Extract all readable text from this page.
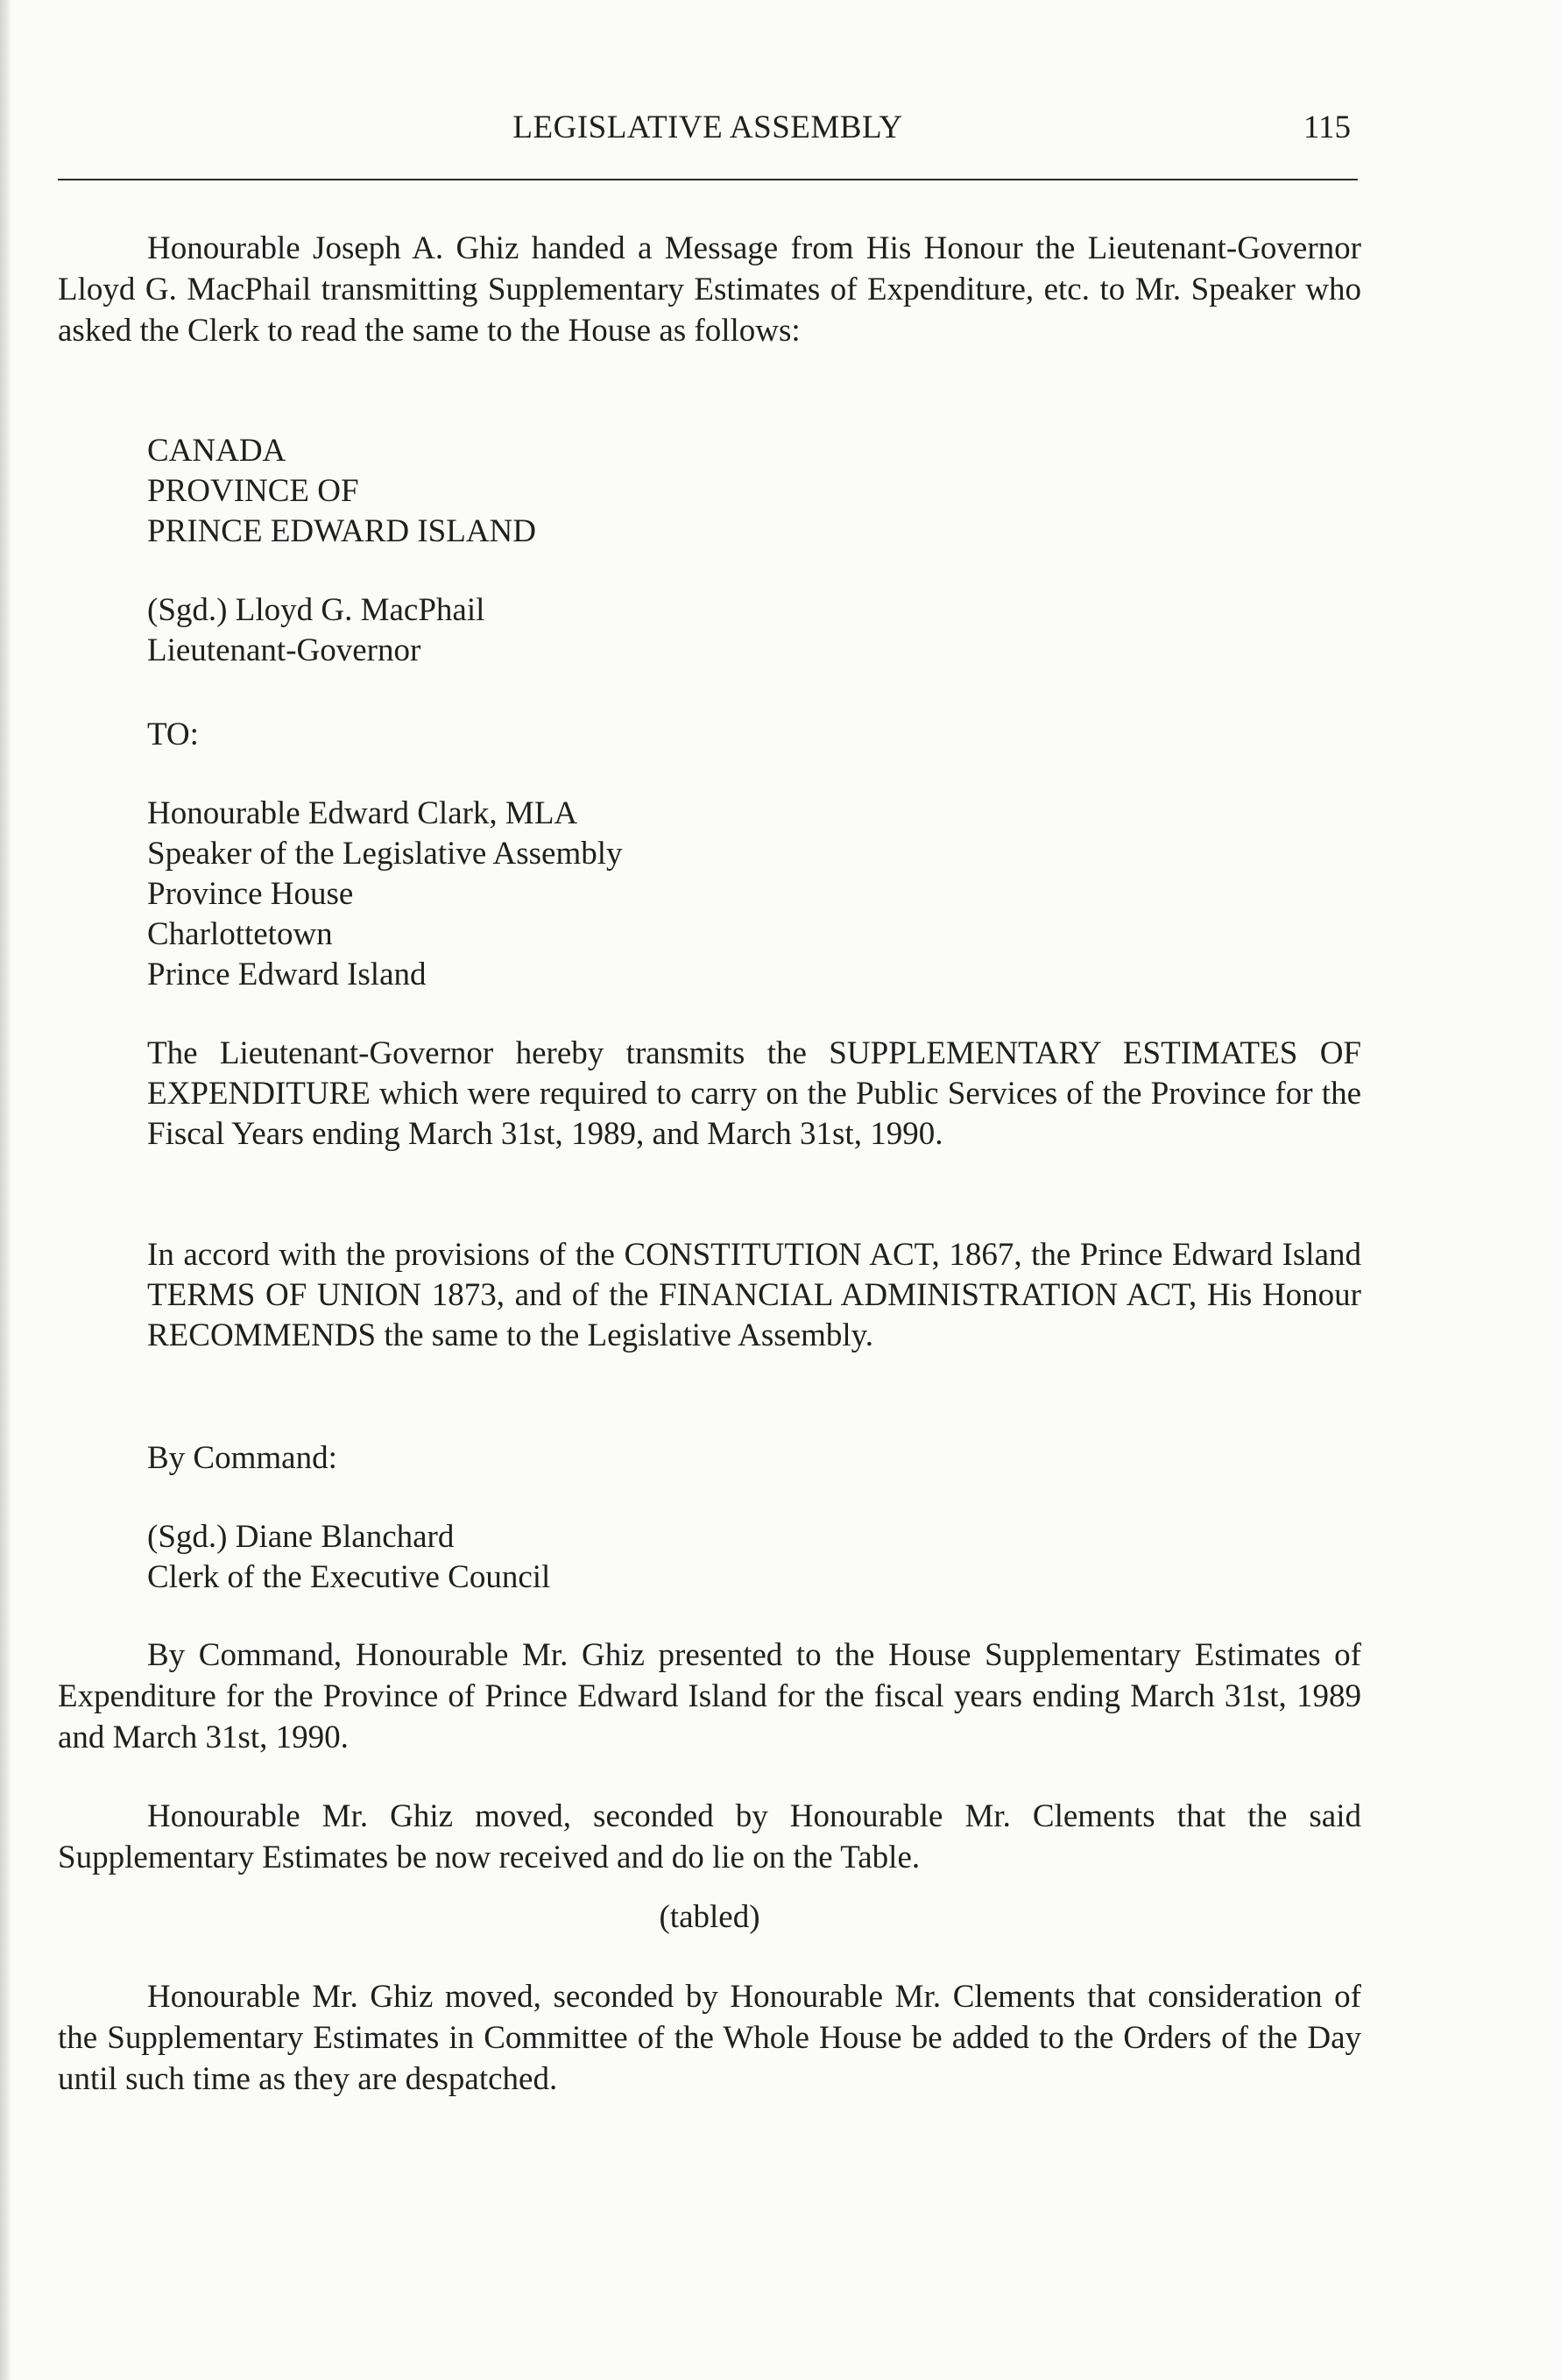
LEGISLATIVE ASSEMBLY	115

Honourable Joseph A. Ghiz handed a Message from His Honour the Lieutenant-Governor Lloyd G. MacPhail transmitting Supplementary Estimates of Expenditure, etc. to Mr. Speaker who asked the Clerk to read the same to the House as follows:

CANADA
PROVINCE OF
PRINCE EDWARD ISLAND
(Sgd.) Lloyd G. MacPhail
Lieutenant-Governor
TO:
Honourable Edward Clark, MLA
Speaker of the Legislative Assembly
Province House
Charlottetown
Prince Edward Island

The Lieutenant-Governor hereby transmits the SUPPLEMENTARY ESTIMATES OF EXPENDITURE which were required to carry on the Public Services of the Province for the Fiscal Years ending March 31st, 1989, and March 31st, 1990.

In accord with the provisions of the CONSTITUTION ACT, 1867, the Prince Edward Island TERMS OF UNION 1873, and of the FINANCIAL ADMINISTRATION ACT, His Honour RECOMMENDS the same to the Legislative Assembly.

By Command:
(Sgd.) Diane Blanchard
Clerk of the Executive Council

By Command, Honourable Mr. Ghiz presented to the House Supplementary Estimates of Expenditure for the Province of Prince Edward Island for the fiscal years ending March 31st, 1989 and March 31st, 1990.

Honourable Mr. Ghiz moved, seconded by Honourable Mr. Clements that the said Supplementary Estimates be now received and do lie on the Table.

(tabled)

Honourable Mr. Ghiz moved, seconded by Honourable Mr. Clements that consideration of the Supplementary Estimates in Committee of the Whole House be added to the Orders of the Day until such time as they are despatched.
